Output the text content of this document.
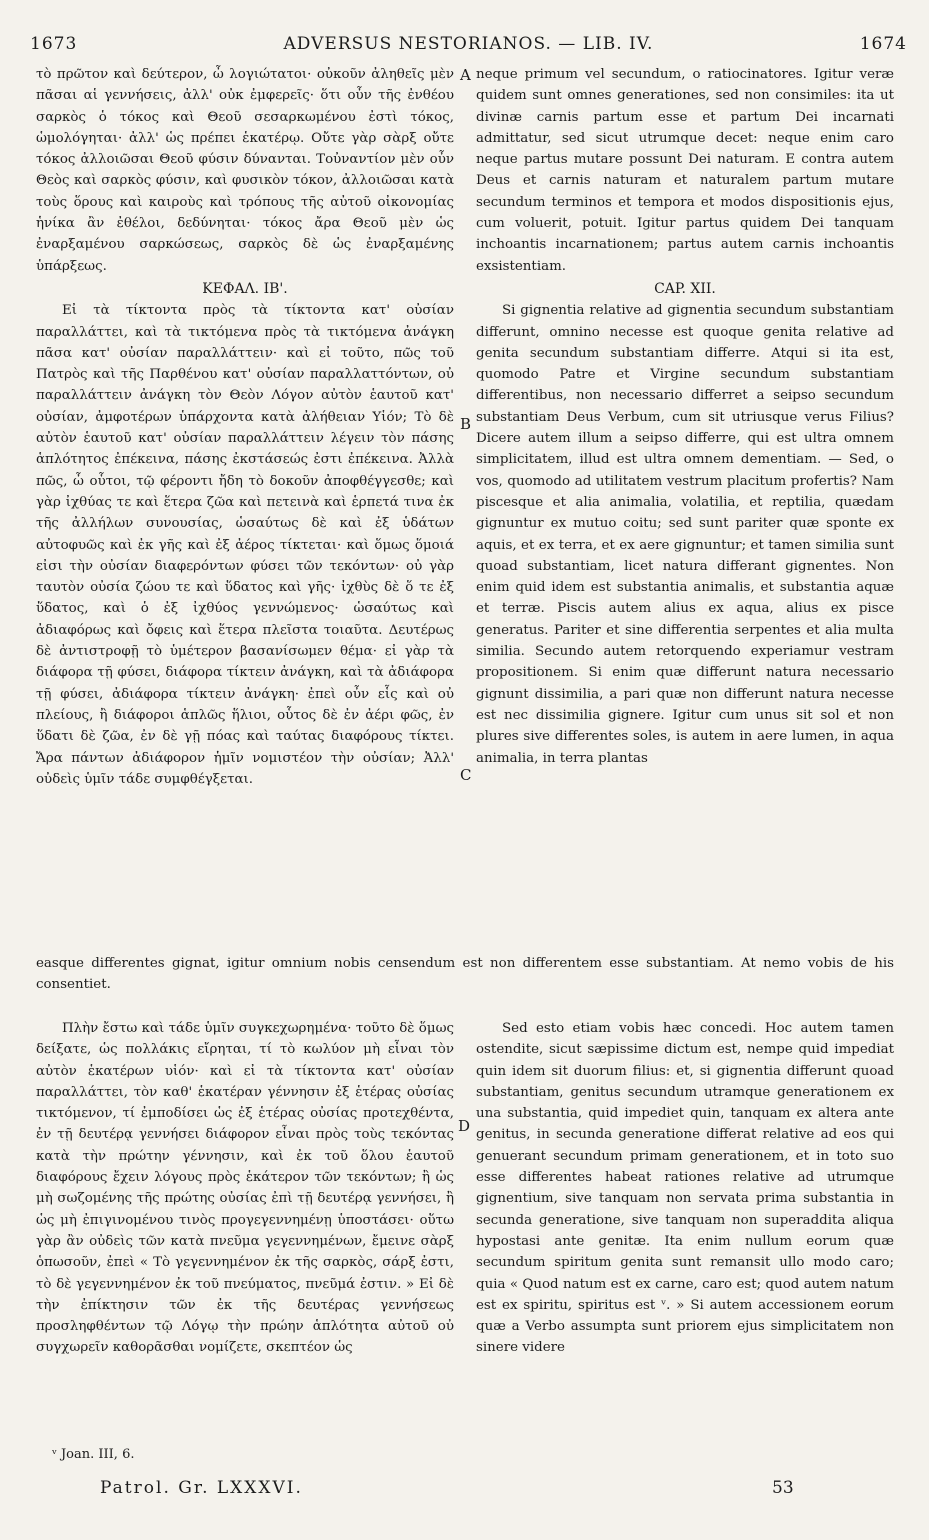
1673	ADVERSUS NESTORIANOS. — LIB. IV.	1674

τὸ πρῶτον καὶ δεύτερον, ὦ λογιώτατοι· οὐκοῦν ἀληθεῖς μὲν πᾶσαι αἱ γεννήσεις, ἀλλ' οὐκ ἐμφερεῖς· ὅτι οὖν τῆς ἐνθέου σαρκὸς ὁ τόκος καὶ Θεοῦ σεσαρκωμένου ἐστὶ τόκος, ὡμολόγηται· ἀλλ' ὡς πρέπει ἑκατέρῳ. Οὔτε γὰρ σὰρξ οὔτε τόκος ἀλλοιῶσαι Θεοῦ φύσιν δύνανται. Τοὐναντίον μὲν οὖν Θεὸς καὶ σαρκὸς φύσιν, καὶ φυσικὸν τόκον, ἀλλοιῶσαι κατὰ τοὺς ὅρους καὶ καιροὺς καὶ τρόπους τῆς αὐτοῦ οἰκονομίας ἡνίκα ἂν ἐθέλοι, δεδύνηται· τόκος ἄρα Θεοῦ μὲν ὡς ἐναρξαμένου σαρκώσεως, σαρκὸς δὲ ὡς ἐναρξαμένης ὑπάρξεως.

ΚΕΦΑΛ. ΙΒ'.

Εἰ τὰ τίκτοντα πρὸς τὰ τίκτοντα κατ' οὐσίαν παραλλάττει, καὶ τὰ τικτόμενα πρὸς τὰ τικτόμενα ἀνάγκη πᾶσα κατ' οὐσίαν παραλλάττειν· καὶ εἰ τοῦτο, πῶς τοῦ Πατρὸς καὶ τῆς Παρθένου κατ' οὐσίαν παραλλαττόντων, οὐ παραλλάττειν ἀνάγκη τὸν Θεὸν Λόγον αὐτὸν ἑαυτοῦ κατ' οὐσίαν, ἀμφοτέρων ὑπάρχοντα κατὰ ἀλήθειαν Υἱόν; Τὸ δὲ αὐτὸν ἑαυτοῦ κατ' οὐσίαν παραλλάττειν λέγειν τὸν πάσης ἁπλότητος ἐπέκεινα, πάσης ἐκστάσεώς ἐστι ἐπέκεινα. Ἀλλὰ πῶς, ὦ οὗτοι, τῷ φέροντι ἤδη τὸ δοκοῦν ἀποφθέγγεσθε; καὶ γὰρ ἰχθύας τε καὶ ἕτερα ζῶα καὶ πετεινὰ καὶ ἑρπετά τινα ἐκ τῆς ἀλλήλων συνουσίας, ὡσαύτως δὲ καὶ ἐξ ὑδάτων αὐτοφυῶς καὶ ἐκ γῆς καὶ ἐξ ἀέρος τίκτεται· καὶ ὅμως ὅμοιά εἰσι τὴν οὐσίαν διαφερόντων φύσει τῶν τεκόντων· οὐ γὰρ ταυτὸν οὐσία ζώου τε καὶ ὕδατος καὶ γῆς· ἰχθὺς δὲ ὅ τε ἐξ ὕδατος, καὶ ὁ ἐξ ἰχθύος γεννώμενος· ὡσαύτως καὶ ἀδιαφόρως καὶ ὄφεις καὶ ἕτερα πλεῖστα τοιαῦτα. Δευτέρως δὲ ἀντιστροφῇ τὸ ὑμέτερον βασανίσωμεν θέμα· εἰ γὰρ τὰ διάφορα τῇ φύσει, διάφορα τίκτειν ἀνάγκη, καὶ τὰ ἀδιάφορα τῇ φύσει, ἀδιάφορα τίκτειν ἀνάγκη· ἐπεὶ οὖν εἷς καὶ οὐ πλείους, ἢ διάφοροι ἁπλῶς ἥλιοι, οὗτος δὲ ἐν ἀέρι φῶς, ἐν ὕδατι δὲ ζῶα, ἐν δὲ γῇ πόας καὶ ταύτας διαφόρους τίκτει. Ἄρα πάντων ἀδιάφορον ἡμῖν νομιστέον τὴν οὐσίαν; Ἀλλ' οὐδεὶς ὑμῖν τάδε συμφθέγξεται.

neque primum vel secundum, o ratiocinatores. Igitur veræ quidem sunt omnes generationes, sed non consimiles: ita ut divinæ carnis partum esse et partum Dei incarnati admittatur, sed sicut utrumque decet: neque enim caro neque partus mutare possunt Dei naturam. E contra autem Deus et carnis naturam et naturalem partum mutare secundum terminos et tempora et modos dispositionis ejus, cum voluerit, potuit. Igitur partus quidem Dei tanquam inchoantis incarnationem; partus autem carnis inchoantis exsistentiam.

CAP. XII.

Si gignentia relative ad gignentia secundum substantiam differunt, omnino necesse est quoque genita relative ad genita secundum substantiam differre. Atqui si ita est, quomodo Patre et Virgine secundum substantiam differentibus, non necessario differret a seipso secundum substantiam Deus Verbum, cum sit utriusque verus Filius? Dicere autem illum a seipso differre, qui est ultra omnem simplicitatem, illud est ultra omnem dementiam. — Sed, o vos, quomodo ad utilitatem vestrum placitum profertis? Nam piscesque et alia animalia, volatilia, et reptilia, quædam gignuntur ex mutuo coitu; sed sunt pariter quæ sponte ex aquis, et ex terra, et ex aere gignuntur; et tamen similia sunt quoad substantiam, licet natura differant gignentes. Non enim quid idem est substantia animalis, et substantia aquæ et terræ. Piscis autem alius ex aqua, alius ex pisce generatus. Pariter et sine differentia serpentes et alia multa similia. Secundo autem retorquendo experiamur vestram propositionem. Si enim quæ differunt natura necessario gignunt dissimilia, a pari quæ non differunt natura necesse est nec dissimilia gignere. Igitur cum unus sit sol et non plures sive differentes soles, is autem in aere lumen, in aqua animalia, in terra plantas

easque differentes gignat, igitur omnium nobis censendum est non differentem esse substantiam. At nemo vobis de his consentiet.

Πλὴν ἔστω καὶ τάδε ὑμῖν συγκεχωρημένα· τοῦτο δὲ ὅμως δείξατε, ὡς πολλάκις εἴρηται, τί τὸ κωλύον μὴ εἶναι τὸν αὐτὸν ἑκατέρων υἱόν· καὶ εἰ τὰ τίκτοντα κατ' οὐσίαν παραλλάττει, τὸν καθ' ἑκατέραν γέννησιν ἐξ ἑτέρας οὐσίας τικτόμενον, τί ἐμποδίσει ὡς ἐξ ἑτέρας οὐσίας προτεχθέντα, ἐν τῇ δευτέρᾳ γεννήσει διάφορον εἶναι πρὸς τοὺς τεκόντας κατὰ τὴν πρώτην γέννησιν, καὶ ἐκ τοῦ ὅλου ἑαυτοῦ διαφόρους ἔχειν λόγους πρὸς ἑκάτερον τῶν τεκόντων; ἢ ὡς μὴ σωζομένης τῆς πρώτης οὐσίας ἐπὶ τῇ δευτέρᾳ γεννήσει, ἢ ὡς μὴ ἐπιγινομένου τινὸς προγεγεννημένῃ ὑποστάσει· οὕτω γὰρ ἂν οὐδεὶς τῶν κατὰ πνεῦμα γεγεννημένων, ἔμεινε σὰρξ ὁπωσοῦν, ἐπεὶ « Τὸ γεγεννημένον ἐκ τῆς σαρκὸς, σάρξ ἐστι, τὸ δὲ γεγεννημένον ἐκ τοῦ πνεύματος, πνεῦμά ἐστιν. » Εἰ δὲ τὴν ἐπίκτησιν τῶν ἐκ τῆς δευτέρας γεννήσεως προσληφθέντων τῷ Λόγῳ τὴν πρώην ἁπλότητα αὐτοῦ οὐ συγχωρεῖν καθορᾶσθαι νομίζετε, σκεπτέον ὡς

Sed esto etiam vobis hæc concedi. Hoc autem tamen ostendite, sicut sæpissime dictum est, nempe quid impediat quin idem sit duorum filius: et, si gignentia differunt quoad substantiam, genitus secundum utramque generationem ex una substantia, quid impediet quin, tanquam ex altera ante genitus, in secunda generatione differat relative ad eos qui genuerant secundum primam generationem, et in toto suo esse differentes habeat rationes relative ad utrumque gignentium, sive tanquam non servata prima substantia in secunda generatione, sive tanquam non superaddita aliqua hypostasi ante genitæ. Ita enim nullum eorum quæ secundum spiritum genita sunt remansit ullo modo caro; quia « Quod natum est ex carne, caro est; quod autem natum est ex spiritu, spiritus est ᵛ. » Si autem accessionem eorum quæ a Verbo assumpta sunt priorem ejus simplicitatem non sinere videre

A
B
C
D
ᵛ Joan. III, 6.
Patrol. Gr. LXXXVI.	53
